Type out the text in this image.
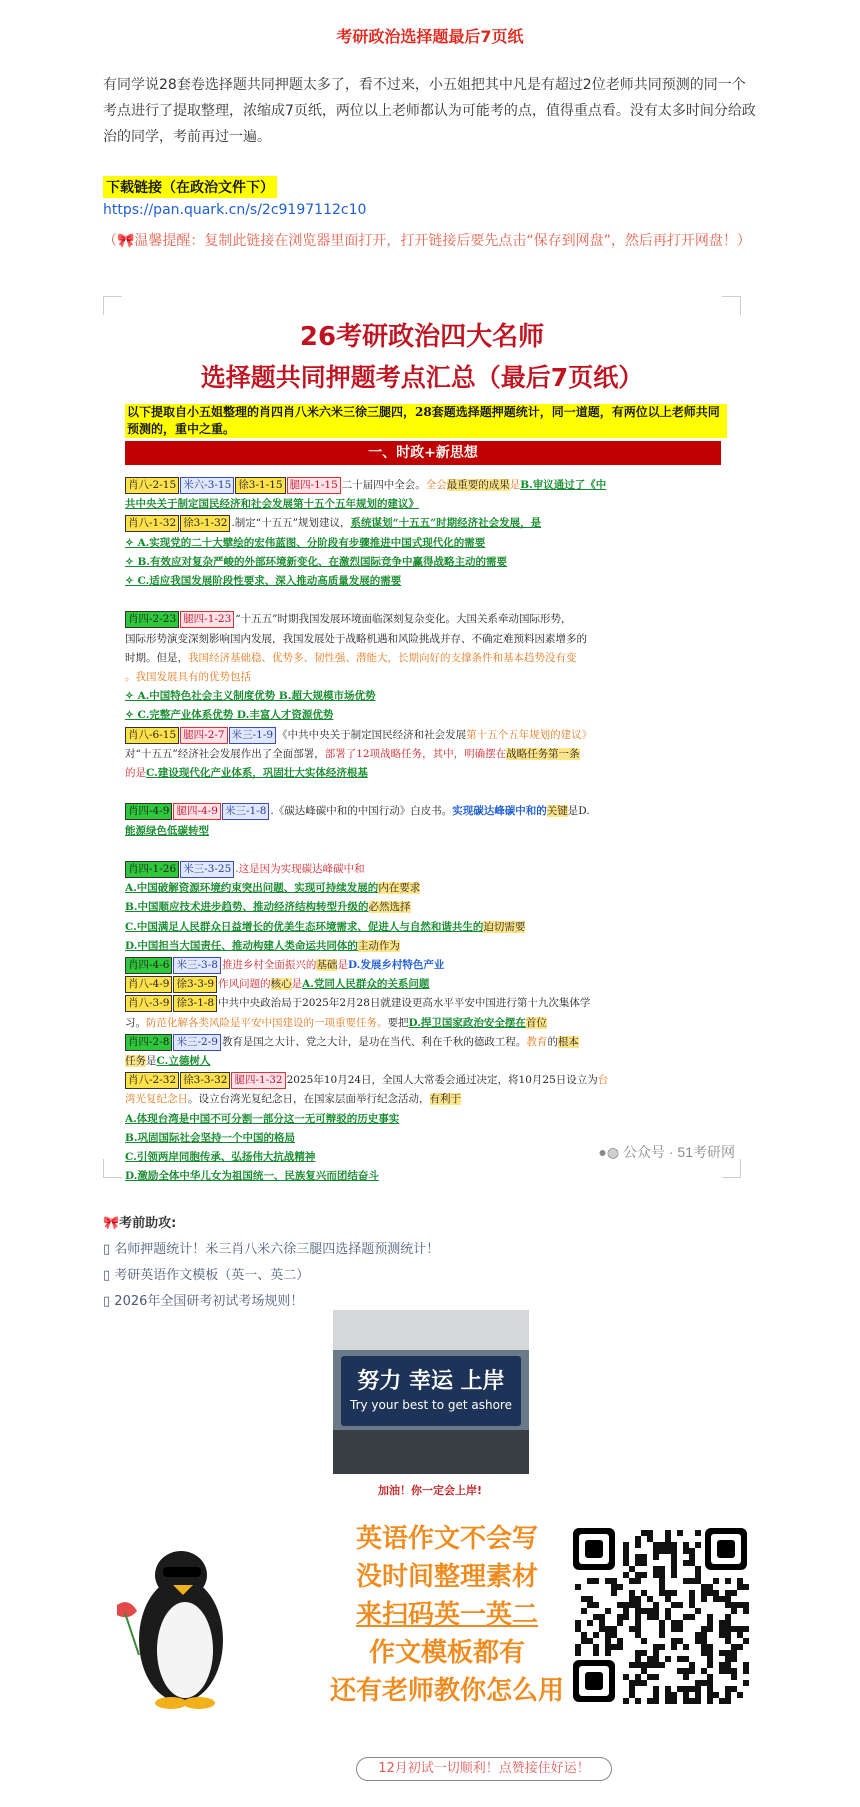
考研政治选择题最后7页纸
有同学说28套卷选择题共同押题太多了，看不过来，小五姐把其中凡是有超过2位老师共同预测的同一个考点进行了提取整理，浓缩成7页纸，两位以上老师都认为可能考的点，值得重点看。没有太多时间分给政治的同学，考前再过一遍。
下载链接（在政治文件下）
https://pan.quark.cn/s/2c9197112c10
（🎀温馨提醒：复制此链接在浏览器里面打开，打开链接后要先点击“保存到网盘”，然后再打开网盘！）
26考研政治四大名师
选择题共同押题考点汇总（最后7页纸）
以下提取自小五姐整理的肖四肖八米六米三徐三腿四，28套题选择题押题统计，同一道题，有两位以上老师共同预测的，重中之重。
一、时政+新思想
肖八-2-15 米六-3-15 徐3-1-15 腿四-1-15 二十届四中全会。全会最重要的成果是B.审议通过了《中
共中央关于制定国民经济和社会发展第十五个五年规划的建议》
肖八-1-32 徐3-1-32 .制定“十五五”规划建议，系统谋划“十五五”时期经济社会发展，是
✧ A.实现党的二十大擘绘的宏伟蓝图、分阶段有步骤推进中国式现代化的需要
✧ B.有效应对复杂严峻的外部环境新变化、在激烈国际竞争中赢得战略主动的需要
✧ C.适应我国发展阶段性要求、深入推动高质量发展的需要
肖四-2-23 腿四-1-23 “十五五”时期我国发展环境面临深刻复杂变化。大国关系牵动国际形势，
国际形势演变深刻影响国内发展，我国发展处于战略机遇和风险挑战并存、不确定难预料因素增多的
时期。但是，我国经济基础稳、优势多、韧性强、潜能大，长期向好的支撑条件和基本趋势没有变
。我国发展具有的优势包括
✧ A.中国特色社会主义制度优势 B.超大规模市场优势
✧ C.完整产业体系优势 D.丰富人才资源优势
肖八-6-15 腿四-2-7 米三-1-9 《中共中央关于制定国民经济和社会发展第十五个五年规划的建议》
对“十五五”经济社会发展作出了全面部署，部署了12项战略任务，其中，明确摆在战略任务第一条
的是C.建设现代化产业体系，巩固壮大实体经济根基
肖四-4-9 腿四-4-9 米三-1-8 .《碳达峰碳中和的中国行动》白皮书。实现碳达峰碳中和的关键是D.
能源绿色低碳转型
肖四-1-26 米三-3-25 .这是因为实现碳达峰碳中和
A.中国破解资源环境约束突出问题、实现可持续发展的内在要求
B.中国顺应技术进步趋势、推动经济结构转型升级的必然选择
C.中国满足人民群众日益增长的优美生态环境需求、促进人与自然和谐共生的迫切需要
D.中国担当大国责任、推动构建人类命运共同体的主动作为
肖四-4-6 米三-3-8 推进乡村全面振兴的基础是D.发展乡村特色产业
肖八-4-9 徐3-3-9 作风问题的核心是A.党同人民群众的关系问题
肖八-3-9 徐3-1-8 中共中央政治局于2025年2月28日就建设更高水平平安中国进行第十九次集体学
习。防范化解各类风险是平安中国建设的一项重要任务。要把D.捍卫国家政治安全摆在首位
肖四-2-8 米三-2-9 教育是国之大计、党之大计，是功在当代、利在千秋的德政工程。教育的根本
任务是C.立德树人
肖八-2-32 徐3-3-32 腿四-1-32 2025年10月24日，全国人大常委会通过决定，将10月25日设立为台
湾光复纪念日。设立台湾光复纪念日，在国家层面举行纪念活动，有利于
A.体现台湾是中国不可分割一部分这一无可辩驳的历史事实
B.巩固国际社会坚持一个中国的格局
C.引领两岸同胞传承、弘扬伟大抗战精神
D.激励全体中华儿女为祖国统一、民族复兴而团结奋斗
●◍ 公众号 · 51考研网
🎀考前助攻:
▯ 名师押题统计！米三肖八米六徐三腿四选择题预测统计！
▯ 考研英语作文模板（英一、英二）
▯ 2026年全国研考初试考场规则！
努力 幸运 上岸
Try your best to get ashore
加油！你一定会上岸!
英语作文不会写
没时间整理素材
来扫码英一英二
作文模板都有
还有老师教你怎么用
12月初试一切顺利！点赞接住好运！
